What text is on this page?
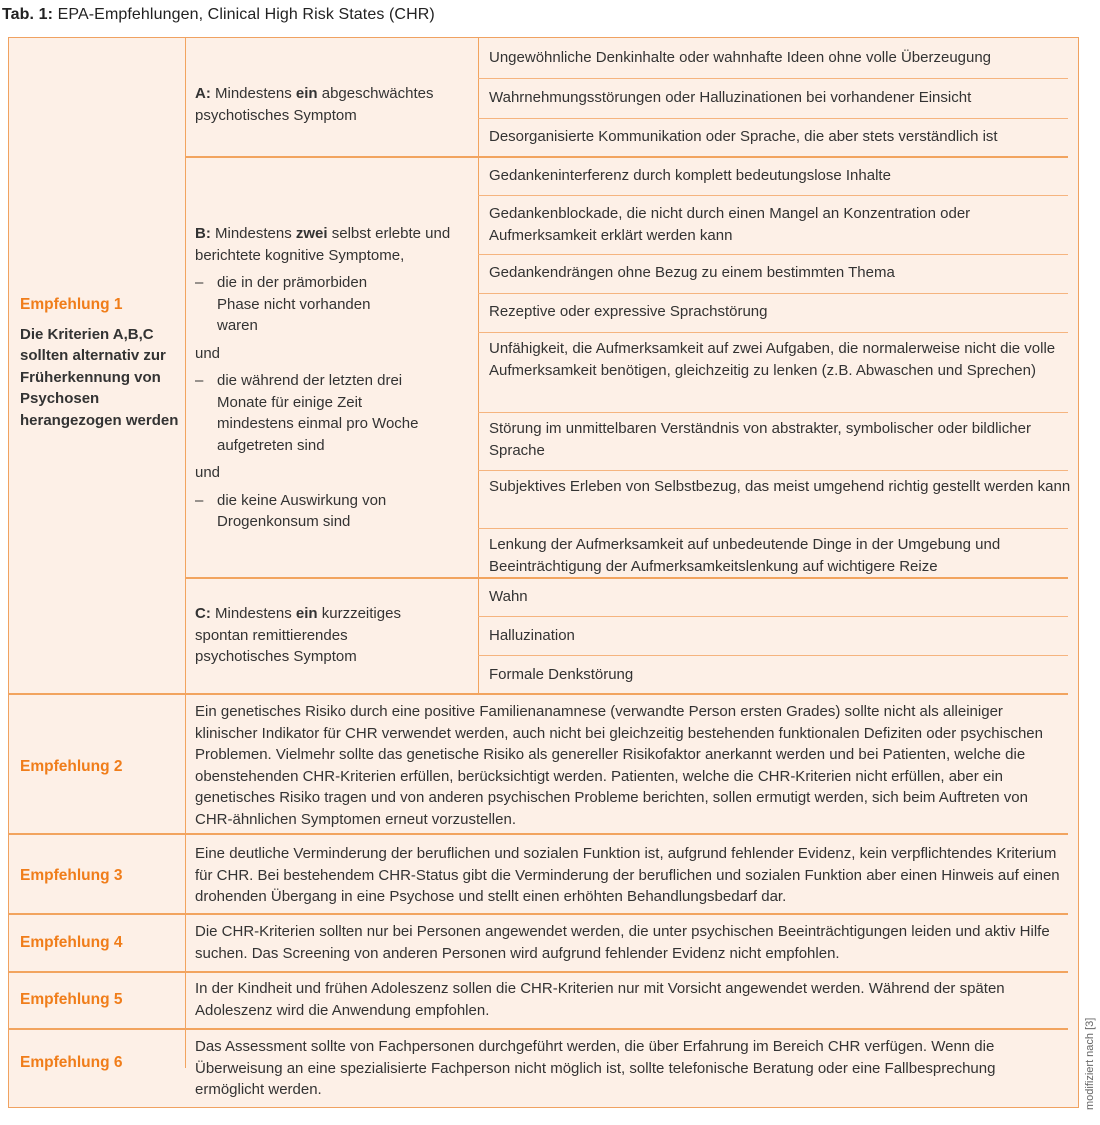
Tab. 1: EPA-Empfehlungen, Clinical High Risk States (CHR)
Empfehlung 1
Die Kriterien A,B,C sollten alternativ zur Früherkennung von Psychosen herangezogen werden
A: Mindestens ein abgeschwächtes psychotisches Symptom
Ungewöhnliche Denkinhalte oder wahnhafte Ideen ohne volle Überzeugung
Wahrnehmungsstörungen oder Halluzinationen bei vorhandener Einsicht
Desorganisierte Kommunikation oder Sprache, die aber stets verständlich ist
B: Mindestens zwei selbst erlebte und berichtete kognitive Symptome,
– die in der prämorbiden Phase nicht vorhanden waren
und
– die während der letzten drei Monate für einige Zeit mindestens einmal pro Woche aufgetreten sind
und
– die keine Auswirkung von Drogenkonsum sind
Gedankeninterferenz durch komplett bedeutungslose Inhalte
Gedankenblockade, die nicht durch einen Mangel an Konzentration oder Aufmerksamkeit erklärt werden kann
Gedankendrängen ohne Bezug zu einem bestimmten Thema
Rezeptive oder expressive Sprachstörung
Unfähigkeit, die Aufmerksamkeit auf zwei Aufgaben, die normalerweise nicht die volle Aufmerksamkeit benötigen, gleichzeitig zu lenken (z.B. Abwaschen und Sprechen)
Störung im unmittelbaren Verständnis von abstrakter, symbolischer oder bildlicher Sprache
Subjektives Erleben von Selbstbezug, das meist umgehend richtig gestellt werden kann
Lenkung der Aufmerksamkeit auf unbedeutende Dinge in der Umgebung und Beeinträchtigung der Aufmerksamkeitslenkung auf wichtigere Reize
C: Mindestens ein kurzzeitiges spontan remittierendes psychotisches Symptom
Wahn
Halluzination
Formale Denkstörung
Empfehlung 2
Ein genetisches Risiko durch eine positive Familienanamnese (verwandte Person ersten Grades) sollte nicht als alleiniger klinischer Indikator für CHR verwendet werden, auch nicht bei gleichzeitig bestehenden funktionalen Defiziten oder psychischen Problemen. Vielmehr sollte das genetische Risiko als genereller Risikofaktor anerkannt werden und bei Patienten, welche die obenstehenden CHR-Kriterien erfüllen, berücksichtigt werden. Patienten, welche die CHR-Kriterien nicht erfüllen, aber ein genetisches Risiko tragen und von anderen psychischen Probleme berichten, sollen ermutigt werden, sich beim Auftreten von CHR-ähnlichen Symptomen erneut vorzustellen.
Empfehlung 3
Eine deutliche Verminderung der beruflichen und sozialen Funktion ist, aufgrund fehlender Evidenz, kein verpflichtendes Kriterium für CHR. Bei bestehendem CHR-Status gibt die Verminderung der beruflichen und sozialen Funktion aber einen Hinweis auf einen drohenden Übergang in eine Psychose und stellt einen erhöhten Behandlungsbedarf dar.
Empfehlung 4
Die CHR-Kriterien sollten nur bei Personen angewendet werden, die unter psychischen Beeinträchtigungen leiden und aktiv Hilfe suchen. Das Screening von anderen Personen wird aufgrund fehlender Evidenz nicht empfohlen.
Empfehlung 5
In der Kindheit und frühen Adoleszenz sollen die CHR-Kriterien nur mit Vorsicht angewendet werden. Während der späten Adoleszenz wird die Anwendung empfohlen.
Empfehlung 6
Das Assessment sollte von Fachpersonen durchgeführt werden, die über Erfahrung im Bereich CHR verfügen. Wenn die Überweisung an eine spezialisierte Fachperson nicht möglich ist, sollte telefonische Beratung oder eine Fallbesprechung ermöglicht werden.	modifiziert nach [3]
